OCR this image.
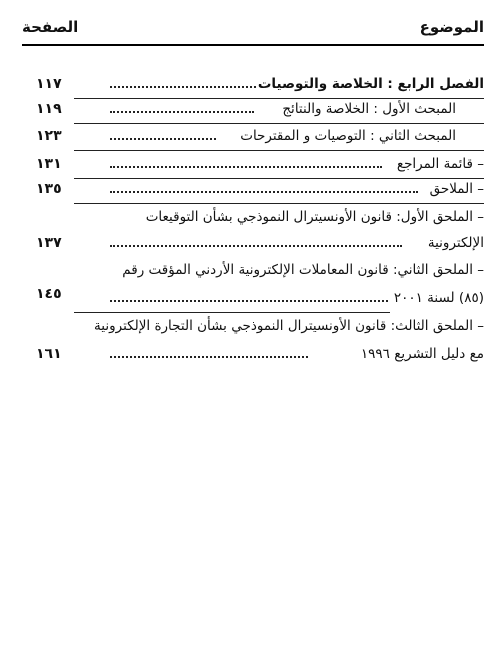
الموضوع
الصفحة
الفصل الرابع : الخلاصة والتوصيات
١١٧
المبحث الأول : الخلاصة والنتائج
١١٩
المبحث الثاني : التوصيات و المقترحات
١٢٣
– قائمة المراجع
١٣١
– الملاحق
١٣٥
– الملحق الأول: قانون الأونسيترال النموذجي بشأن التوقيعات
الإلكترونية
١٣٧
– الملحق الثاني: قانون المعاملات الإلكترونية الأردني المؤقت رقم
(٨٥) لسنة ٢٠٠١
١٤٥
– الملحق الثالث: قانون الأونسيترال النموذجي بشأن التجارة الإلكترونية
مع دليل التشريع ١٩٩٦
١٦١
